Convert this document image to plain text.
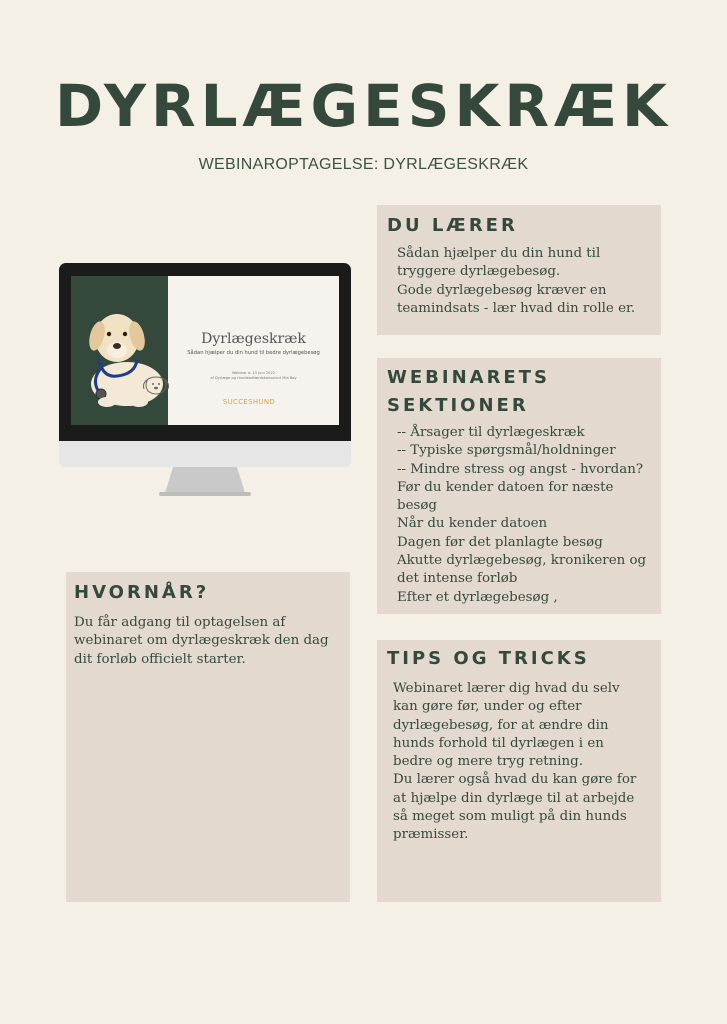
DYRLÆGESKRÆK
WEBINAROPTAGELSE: DYRLÆGESKRÆK
Dyrlægeskræk
Sådan hjælper du din hund til bedre dyrlægebesøg
Webinar d. 15 juni 2022
af Dyrlæge og Hundeadfærdskonsulent Mia Bay
SUCCESHUND
DU LÆRER
Sådan hjælper du din hund til
tryggere dyrlægebesøg.
Gode dyrlægebesøg kræver en
teamindsats - lær hvad din rolle er.
WEBINARETS
SEKTIONER
-- Årsager til dyrlægeskræk
-- Typiske spørgsmål/holdninger
-- Mindre stress og angst - hvordan?
Før du kender datoen for næste besøg
Når du kender datoen
Dagen før det planlagte besøg
Akutte dyrlægebesøg, kronikeren og
det intense forløb
Efter et dyrlægebesøg ,
HVORNÅR?
Du får adgang til optagelsen af
webinaret om dyrlægeskræk den dag
dit forløb officielt starter.	TIPS OG TRICKS
Webinaret lærer dig hvad du selv
kan gøre før, under og efter
dyrlægebesøg, for at ændre din
hunds forhold til dyrlægen i en
bedre og mere tryg retning.
Du lærer også hvad du kan gøre for
at hjælpe din dyrlæge til at arbejde
så meget som muligt på din hunds
præmisser.
